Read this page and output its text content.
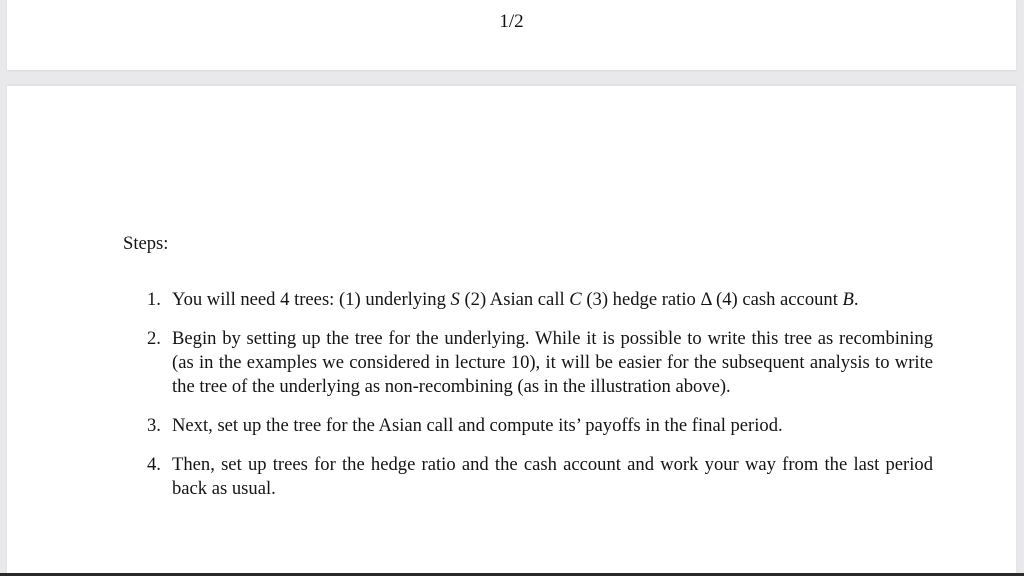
1/2

Steps:

1. You will need 4 trees: (1) underlying S (2) Asian call C (3) hedge ratio Δ (4) cash account B.
2. Begin by setting up the tree for the underlying. While it is possible to write this tree as recombining (as in the examples we considered in lecture 10), it will be easier for the subsequent analysis to write the tree of the underlying as non-recombining (as in the illustration above).
3. Next, set up the tree for the Asian call and compute its’ payoffs in the final period.
4. Then, set up trees for the hedge ratio and the cash account and work your way from the last period back as usual.
